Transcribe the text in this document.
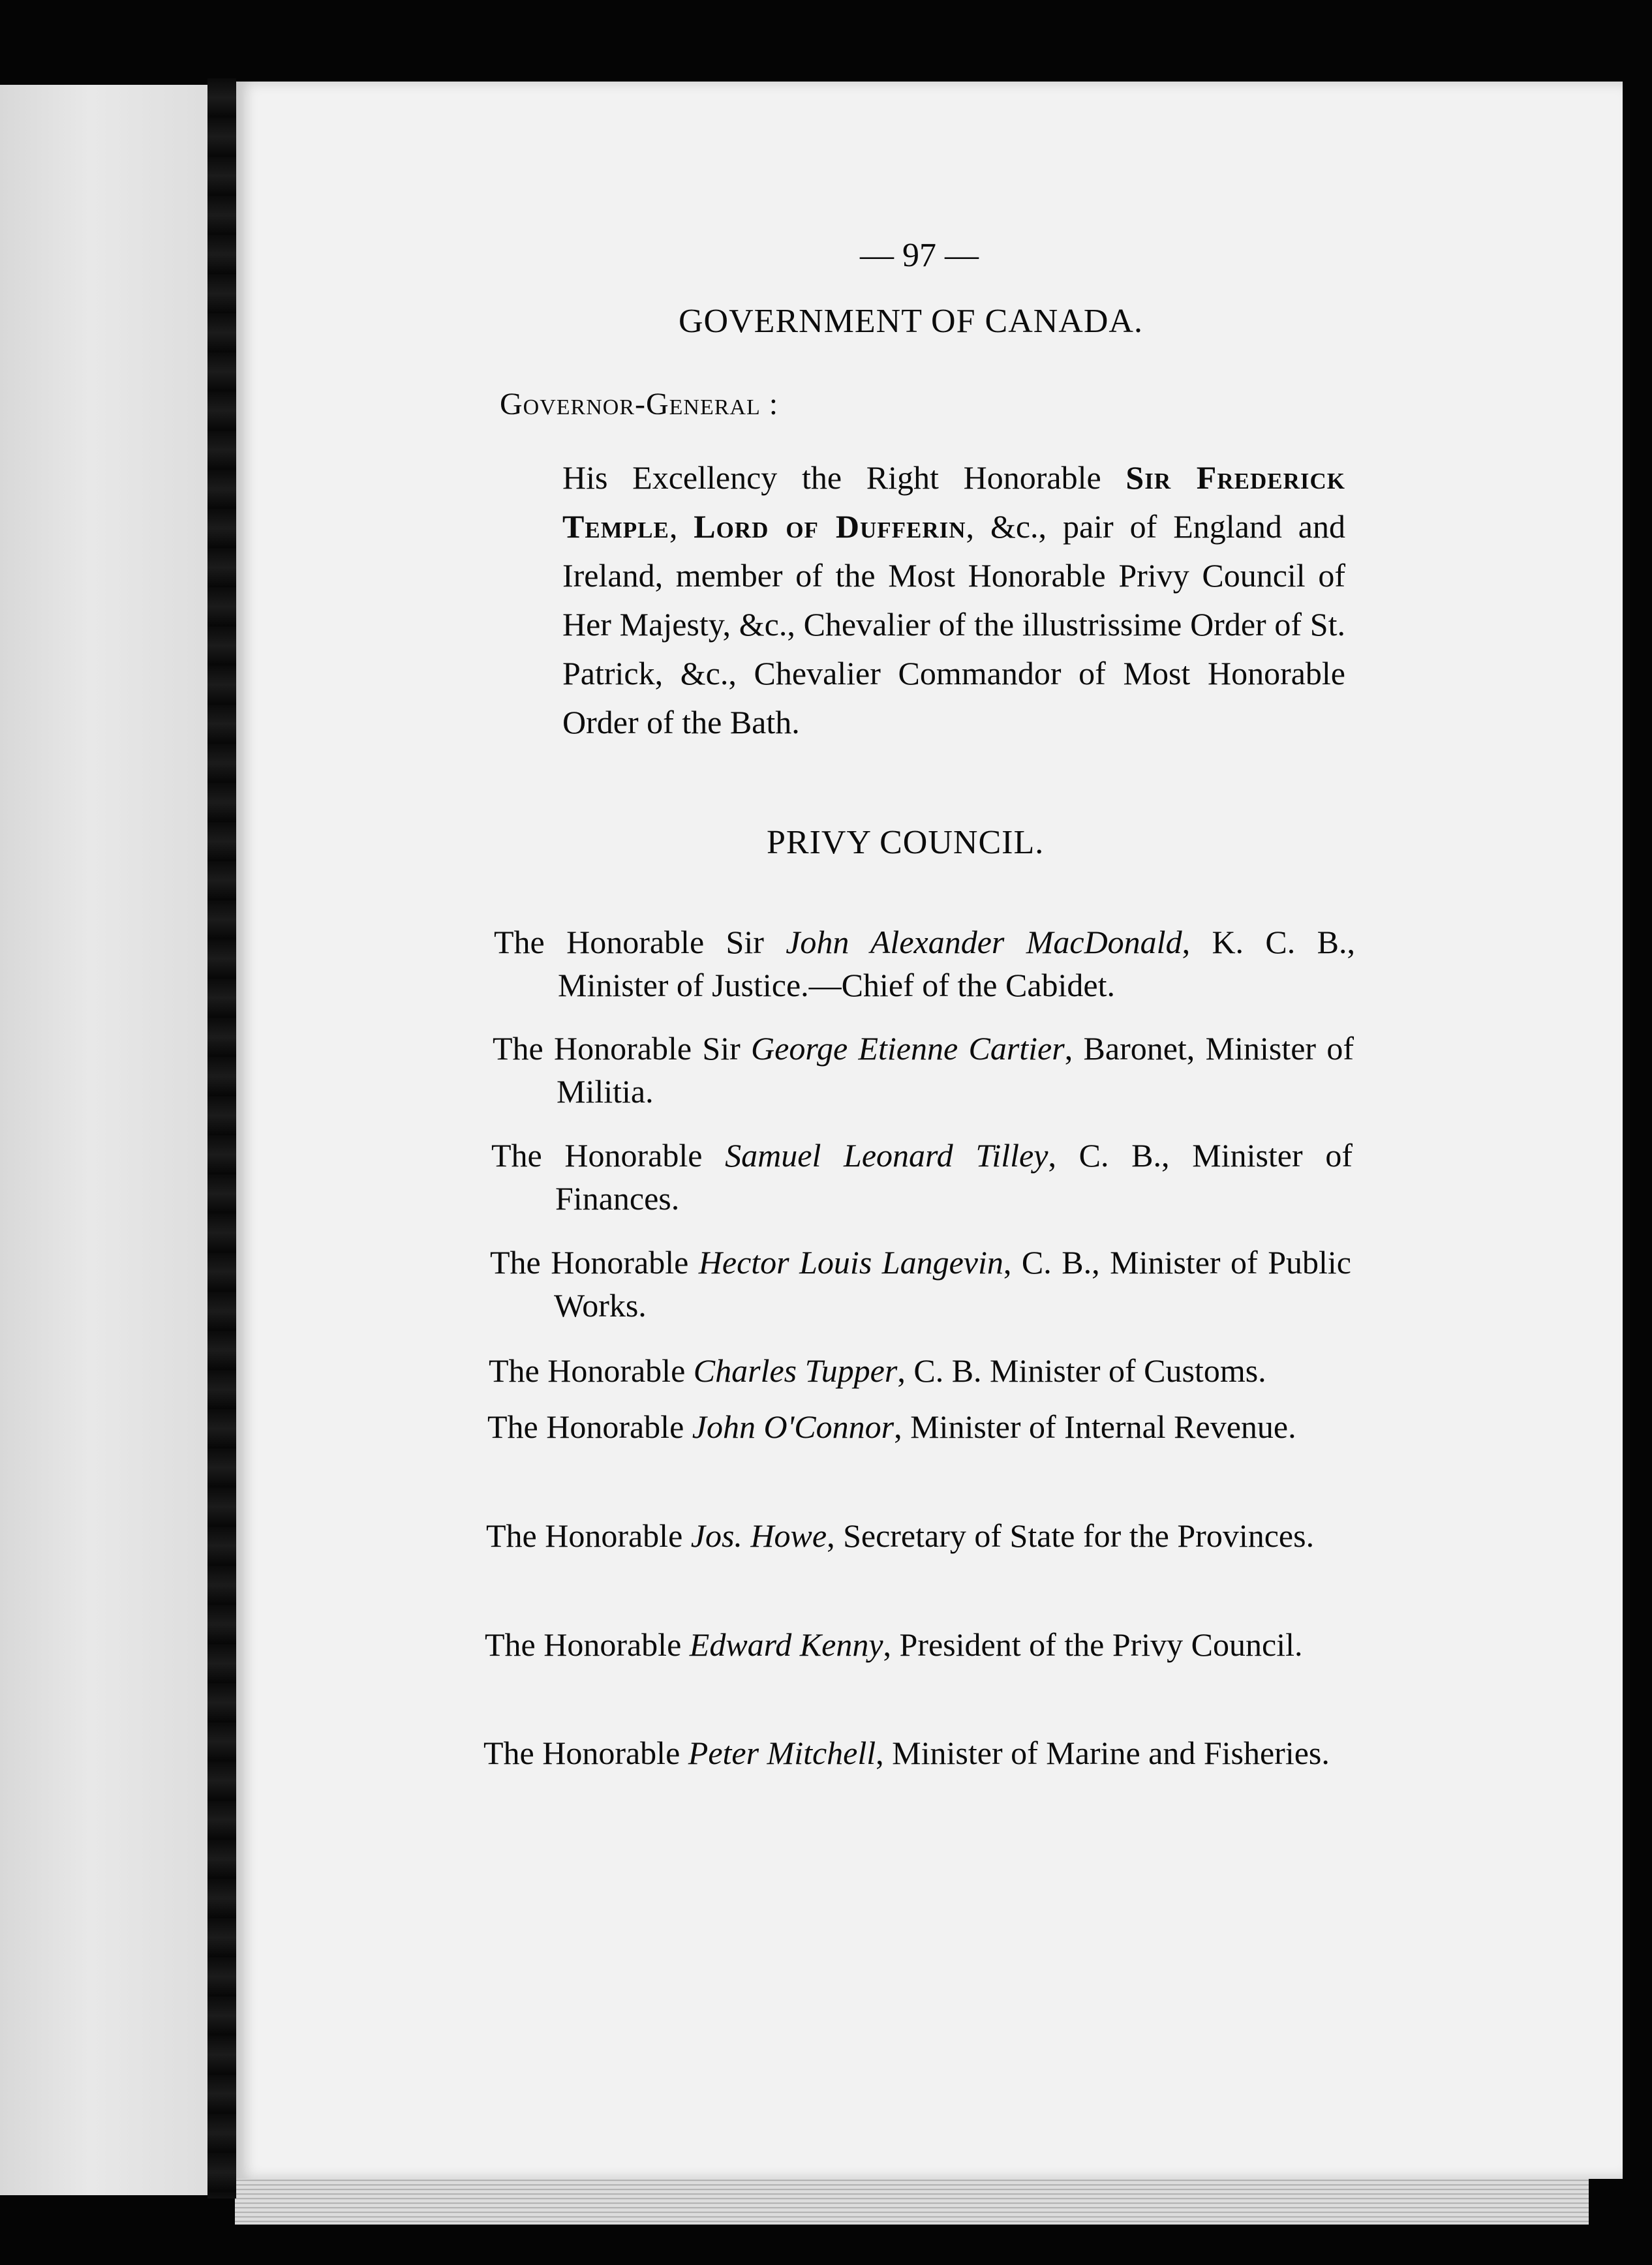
— 97 —
GOVERNMENT OF CANADA.
Governor-General :
His Excellency the Right Honorable Sir Frederick Temple, Lord of Dufferin, &c., pair of England and Ireland, member of the Most Honorable Privy Council of Her Majesty, &c., Chevalier of the illustrissime Order of St. Patrick, &c., Chevalier Commandor of Most Honorable Order of the Bath.
PRIVY COUNCIL.
The Honorable Sir John Alexander MacDonald, K. C. B., Minister of Justice.—Chief of the Cabidet.
The Honorable Sir George Etienne Cartier, Baronet, Minister of Militia.
The Honorable Samuel Leonard Tilley, C. B., Minister of Finances.
The Honorable Hector Louis Langevin, C. B., Minister of Public Works.
The Honorable Charles Tupper, C. B. Minister of Customs.
The Honorable John O'Connor, Minister of Internal Revenue.
The Honorable Jos. Howe, Secretary of State for the Provinces.
The Honorable Edward Kenny, President of the Privy Council.
The Honorable Peter Mitchell, Minister of Marine and Fisheries.
